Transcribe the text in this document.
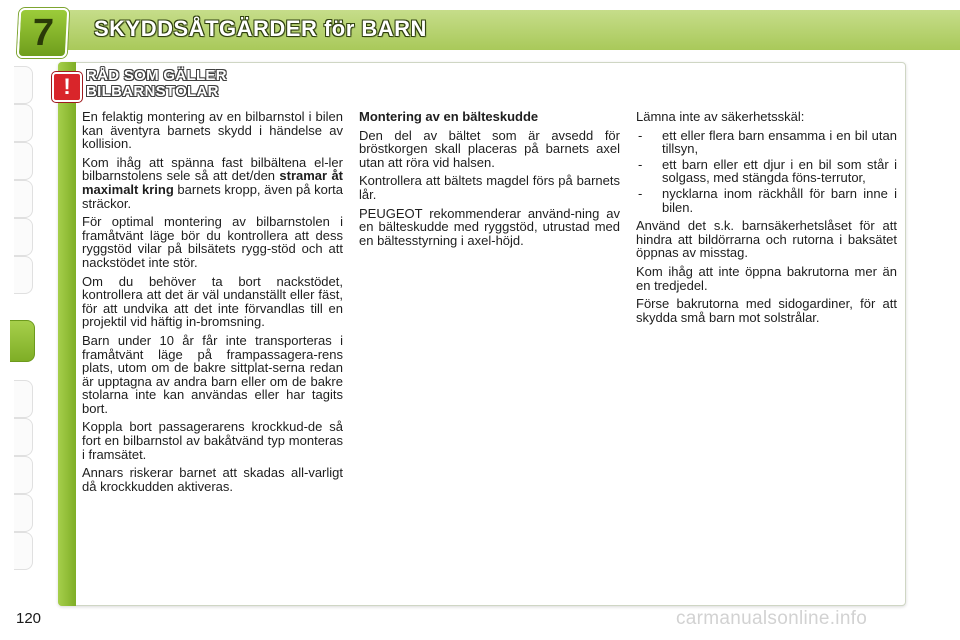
7	SKYDDSÅTGÄRDER för BARN
!	RÅD SOM GÄLLER
BILBARNSTOLAR

En felaktig montering av en bilbarnstol i bilen kan äventyra barnets skydd i händelse av kollision.

Kom ihåg att spänna fast bilbältena el-ler bilbarnstolens sele så att det/den stramar åt maximalt kring barnets kropp, även på korta sträckor.

För optimal montering av bilbarnstolen i framåtvänt läge bör du kontrollera att dess ryggstöd vilar på bilsätets rygg-stöd och att nackstödet inte stör.

Om du behöver ta bort nackstödet, kontrollera att det är väl undanställt eller fäst, för att undvika att det inte förvandlas till en projektil vid häftig in-bromsning.

Barn under 10 år får inte transporteras i framåtvänt läge på frampassagera-rens plats, utom om de bakre sittplat-serna redan är upptagna av andra barn eller om de bakre stolarna inte kan användas eller har tagits bort.

Koppla bort passagerarens krockkud-de så fort en bilbarnstol av bakåtvänd typ monteras i framsätet.

Annars riskerar barnet att skadas all-varligt då krockkudden aktiveras.

Montering av en bälteskudde

Den del av bältet som är avsedd för bröstkorgen skall placeras på barnets axel utan att röra vid halsen.

Kontrollera att bältets magdel förs på barnets lår.

PEUGEOT rekommenderar använd-ning av en bälteskudde med ryggstöd, utrustad med en bältesstyrning i axel-höjd.

Lämna inte av säkerhetsskäl:

- ett eller flera barn ensamma i en bil utan tillsyn,
- ett barn eller ett djur i en bil som står i solgass, med stängda föns-terrutor,
- nycklarna inom räckhåll för barn inne i bilen.

Använd det s.k. barnsäkerhetslåset för att hindra att bildörrarna och rutorna i baksätet öppnas av misstag.

Kom ihåg att inte öppna bakrutorna mer än en tredjedel.

Förse bakrutorna med sidogardiner, för att skydda små barn mot solstrålar.

120	carmanualsonline.info
